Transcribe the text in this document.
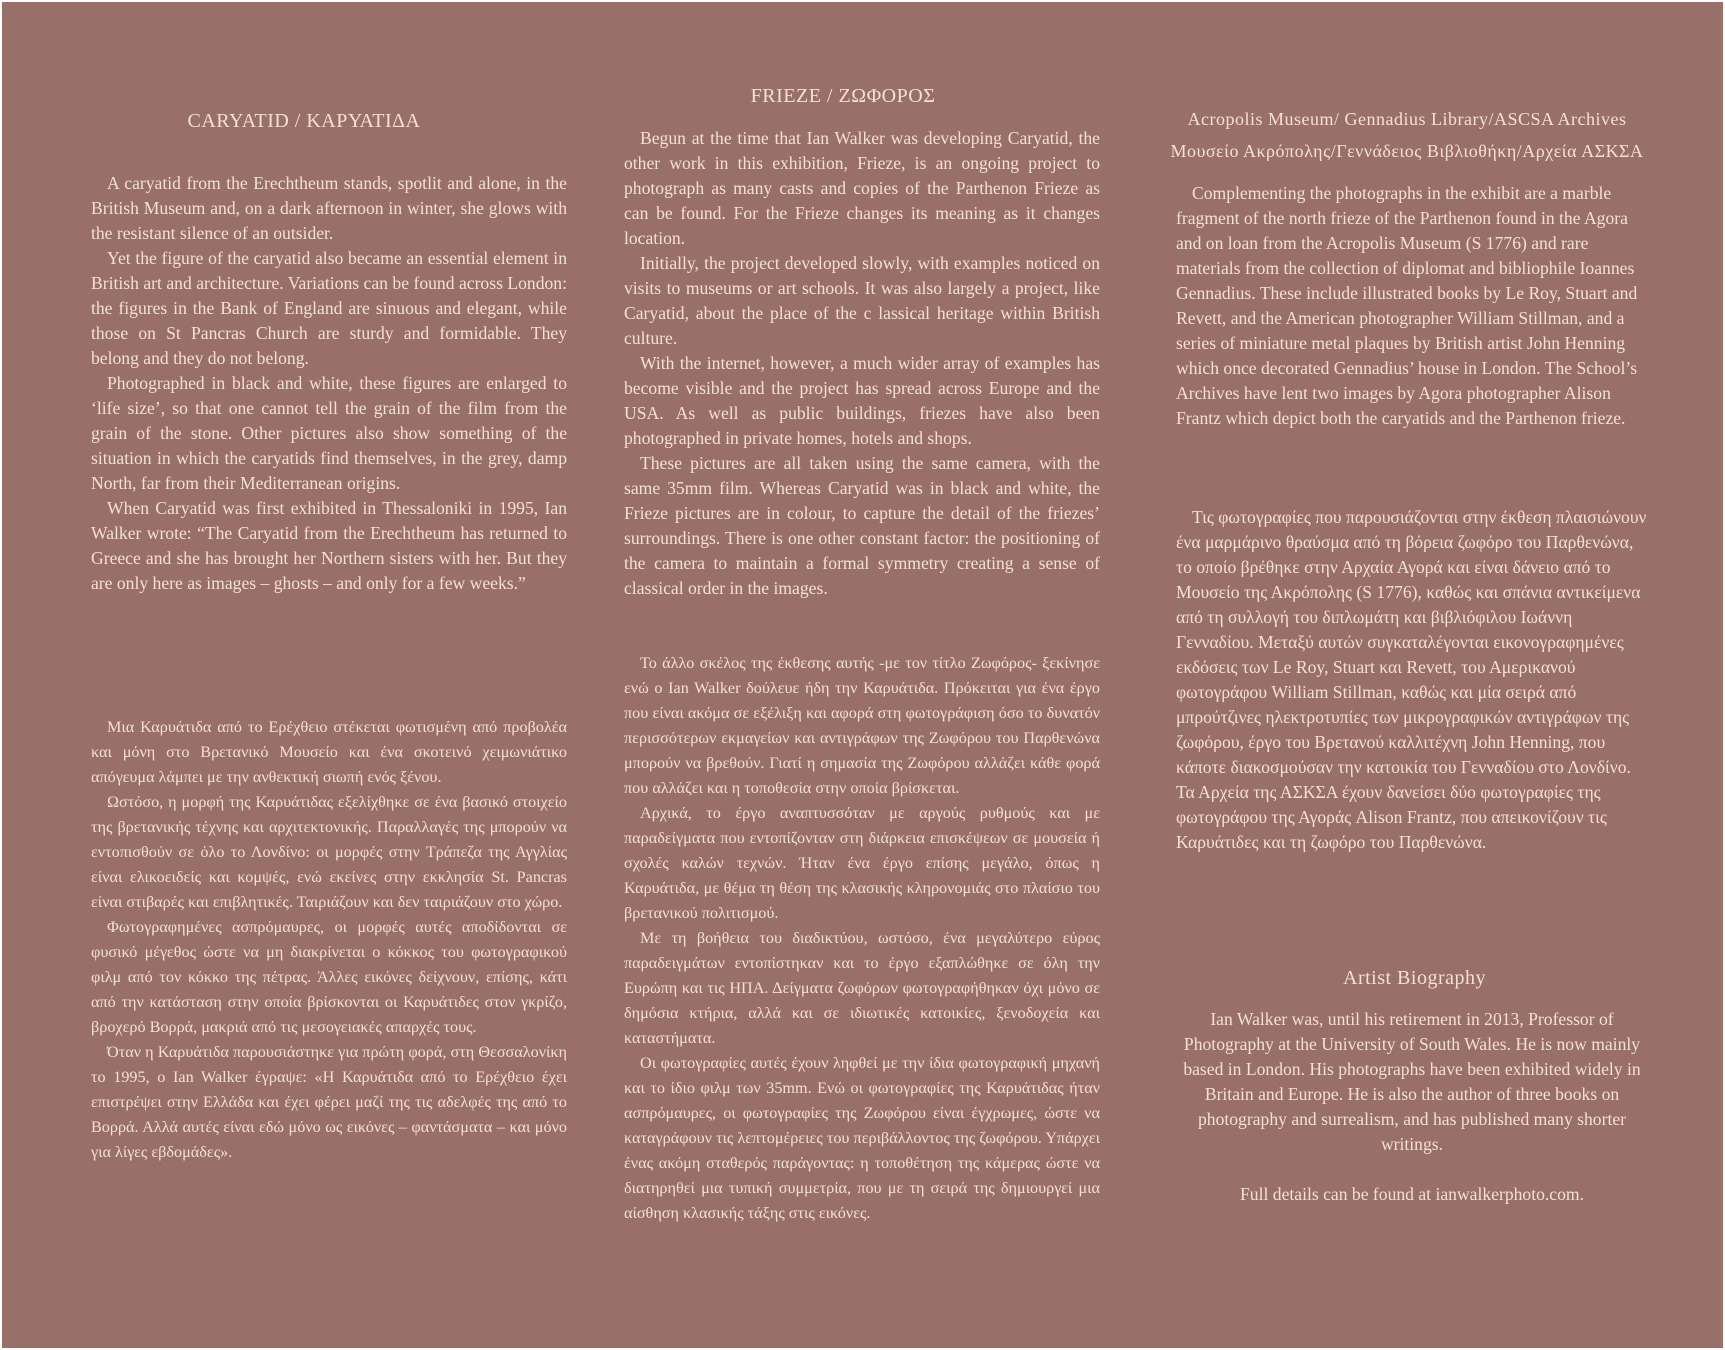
CARYATID / ΚΑΡΥΑΤΙΔΑ

A caryatid from the Erechtheum stands, spotlit and alone, in the British Museum and, on a dark afternoon in winter, she glows with the resistant silence of an outsider.

Yet the figure of the caryatid also became an essential element in British art and architecture. Variations can be found across London: the figures in the Bank of England are sinuous and elegant, while those on St Pancras Church are sturdy and formidable. They belong and they do not belong.

Photographed in black and white, these figures are enlarged to ‘life size’, so that one cannot tell the grain of the film from the grain of the stone. Other pictures also show something of the situation in which the caryatids find themselves, in the grey, damp North, far from their Mediterranean origins.

When Caryatid was first exhibited in Thessaloniki in 1995, Ian Walker wrote: “The Caryatid from the Erechtheum has returned to Greece and she has brought her Northern sisters with her. But they are only here as images – ghosts – and only for a few weeks.”

Μια Καρυάτιδα από το Ερέχθειο στέκεται φωτισμένη από προβολέα και μόνη στο Βρετανικό Μουσείο και ένα σκοτεινό χειμωνιάτικο απόγευμα λάμπει με την ανθεκτική σιωπή ενός ξένου.

Ωστόσο, η μορφή της Καρυάτιδας εξελίχθηκε σε ένα βασικό στοιχείο της βρετανικής τέχνης και αρχιτεκτονικής. Παραλλαγές της μπορούν να εντοπισθούν σε όλο το Λονδίνο: οι μορφές στην Τράπεζα της Αγγλίας είναι ελικοειδείς και κομψές, ενώ εκείνες στην εκκλησία St. Pancras είναι στιβαρές και επιβλητικές. Ταιριάζουν και δεν ταιριάζουν στο χώρο.

Φωτογραφημένες ασπρόμαυρες, οι μορφές αυτές αποδίδονται σε φυσικό μέγεθος ώστε να μη διακρίνεται ο κόκκος του φωτογραφικού φιλμ από τον κόκκο της πέτρας. Άλλες εικόνες δείχνουν, επίσης, κάτι από την κατάσταση στην οποία βρίσκονται οι Καρυάτιδες στον γκρίζο, βροχερό Βορρά, μακριά από τις μεσογειακές απαρχές τους.

Όταν η Καρυάτιδα παρουσιάστηκε για πρώτη φορά, στη Θεσσαλονίκη το 1995, ο Ian Walker έγραψε: «Η Καρυάτιδα από το Ερέχθειο έχει επιστρέψει στην Ελλάδα και έχει φέρει μαζί της τις αδελφές της από το Βορρά. Αλλά αυτές είναι εδώ μόνο ως εικόνες – φαντάσματα – και μόνο για λίγες εβδομάδες».

FRIEZE / ΖΩΦΟΡΟΣ

Begun at the time that Ian Walker was developing Caryatid, the other work in this exhibition, Frieze, is an ongoing project to photograph as many casts and copies of the Parthenon Frieze as can be found. For the Frieze changes its meaning as it changes location.

Initially, the project developed slowly, with examples noticed on visits to museums or art schools. It was also largely a project, like Caryatid, about the place of the c lassical heritage within British culture.

With the internet, however, a much wider array of examples has become visible and the project has spread across Europe and the USA. As well as public buildings, friezes have also been photographed in private homes, hotels and shops.

These pictures are all taken using the same camera, with the same 35mm film. Whereas Caryatid was in black and white, the Frieze pictures are in colour, to capture the detail of the friezes’ surroundings. There is one other constant factor: the positioning of the camera to maintain a formal symmetry creating a sense of classical order in the images.

Το άλλο σκέλος της έκθεσης αυτής -με τον τίτλο Ζωφόρος- ξεκίνησε ενώ ο Ian Walker δούλευε ήδη την Καρυάτιδα. Πρόκειται για ένα έργο που είναι ακόμα σε εξέλιξη και αφορά στη φωτογράφιση όσο το δυνατόν περισσότερων εκμαγείων και αντιγράφων της Ζωφόρου του Παρθενώνα μπορούν να βρεθούν. Γιατί η σημασία της Ζωφόρου αλλάζει κάθε φορά που αλλάζει και η τοποθεσία στην οποία βρίσκεται.

Αρχικά, το έργο αναπτυσσόταν με αργούς ρυθμούς και με παραδείγματα που εντοπίζονταν στη διάρκεια επισκέψεων σε μουσεία ή σχολές καλών τεχνών. Ήταν ένα έργο επίσης μεγάλο, όπως η Καρυάτιδα, με θέμα τη θέση της κλασικής κληρονομιάς στο πλαίσιο του βρετανικού πολιτισμού.

Με τη βοήθεια του διαδικτύου, ωστόσο, ένα μεγαλύτερο εύρος παραδειγμάτων εντοπίστηκαν και το έργο εξαπλώθηκε σε όλη την Ευρώπη και τις ΗΠΑ. Δείγματα ζωφόρων φωτογραφήθηκαν όχι μόνο σε δημόσια κτήρια, αλλά και σε ιδιωτικές κατοικίες, ξενοδοχεία και καταστήματα.

Οι φωτογραφίες αυτές έχουν ληφθεί με την ίδια φωτογραφική μηχανή και το ίδιο φιλμ των 35mm. Ενώ οι φωτογραφίες της Καρυάτιδας ήταν ασπρόμαυρες, οι φωτογραφίες της Ζωφόρου είναι έγχρωμες, ώστε να καταγράφουν τις λεπτομέρειες του περιβάλλοντος της ζωφόρου. Υπάρχει ένας ακόμη σταθερός παράγοντας: η τοποθέτηση της κάμερας ώστε να διατηρηθεί μια τυπική συμμετρία, που με τη σειρά της δημιουργεί μια αίσθηση κλασικής τάξης στις εικόνες.

Acropolis Museum/ Gennadius Library/ASCSA Archives
Μουσείο Ακρόπολης/Γεννάδειος Βιβλιοθήκη/Αρχεία ΑΣΚΣΑ

Complementing the photographs in the exhibit are a marble fragment of the north frieze of the Parthenon found in the Agora and on loan from the Acropolis Museum (S 1776) and rare materials from the collection of diplomat and bibliophile Ioannes Gennadius. These include illustrated books by Le Roy, Stuart and Revett, and the American photographer William Stillman, and a series of miniature metal plaques by British artist John Henning which once decorated Gennadius’ house in London. The School’s Archives have lent two images by Agora photographer Alison Frantz which depict both the caryatids and the Parthenon frieze.

Τις φωτογραφίες που παρουσιάζονται στην έκθεση πλαισιώνουν ένα μαρμάρινο θραύσμα από τη βόρεια ζωφόρο του Παρθενώνα, το οποίο βρέθηκε στην Αρχαία Αγορά και είναι δάνειο από το Μουσείο της Ακρόπολης (S 1776), καθώς και σπάνια αντικείμενα από τη συλλογή του διπλωμάτη και βιβλιόφιλου Ιωάννη Γενναδίου. Μεταξύ αυτών συγκαταλέγονται εικονογραφημένες εκδόσεις των Le Roy, Stuart και Revett, του Αμερικανού φωτογράφου William Stillman, καθώς και μία σειρά από μπρούτζινες ηλεκτροτυπίες των μικρογραφικών αντιγράφων της ζωφόρου, έργο του Βρετανού καλλιτέχνη John Henning, που κάποτε διακοσμούσαν την κατοικία του Γενναδίου στο Λονδίνο. Τα Αρχεία της ΑΣΚΣΑ έχουν δανείσει δύο φωτογραφίες της φωτογράφου της Αγοράς Alison Frantz, που απεικονίζουν τις Καρυάτιδες και τη ζωφόρο του Παρθενώνα.

Artist Biography

Ian Walker was, until his retirement in 2013, Professor of Photography at the University of South Wales. He is now mainly based in London. His photographs have been exhibited widely in Britain and Europe. He is also the author of three books on photography and surrealism, and has published many shorter writings.

Full details can be found at ianwalkerphoto.com.
